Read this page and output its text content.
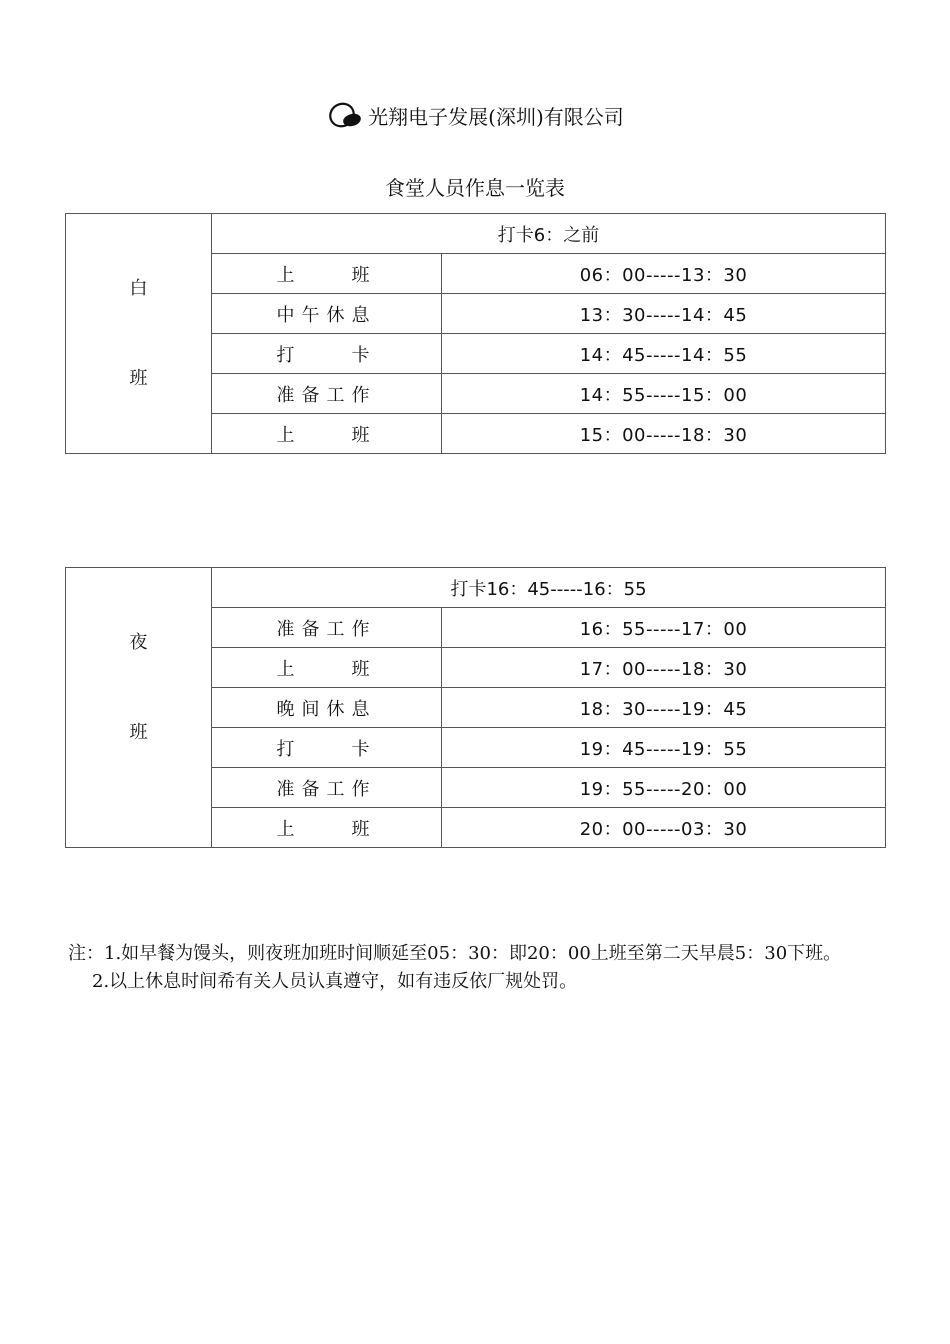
光翔电子发展(深圳)有限公司
食堂人员作息一览表
白
班	打卡6：之前	
	上　　班	06：00-----13：30
	中午休息	13：30-----14：45
	打　　卡	14：45-----14：55
	准备工作	14：55-----15：00
	上　　班	15：00-----18：30
夜
班	打卡16：45-----16：55	
	准备工作	16：55-----17：00
	上　　班	17：00-----18：30
	晚间休息	18：30-----19：45
	打　　卡	19：45-----19：55
	准备工作	19：55-----20：00
	上　　班	20：00-----03：30

注：1.如早餐为馒头，则夜班加班时间顺延至05：30：即20：00上班至第二天早晨5：30下班。

2.以上休息时间希有关人员认真遵守，如有违反依厂规处罚。
